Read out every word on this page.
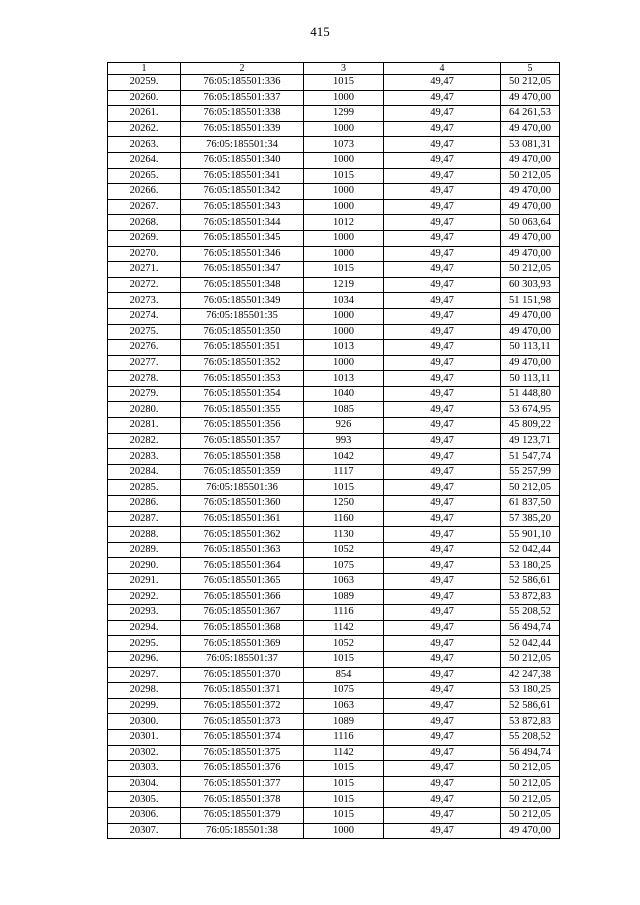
415
1	2	3	4	5
20259.	76:05:185501:336	1015	49,47	50 212,05
20260.	76:05:185501:337	1000	49,47	49 470,00
20261.	76:05:185501:338	1299	49,47	64 261,53
20262.	76:05:185501:339	1000	49,47	49 470,00
20263.	76:05:185501:34	1073	49,47	53 081,31
20264.	76:05:185501:340	1000	49,47	49 470,00
20265.	76:05:185501:341	1015	49,47	50 212,05
20266.	76:05:185501:342	1000	49,47	49 470,00
20267.	76:05:185501:343	1000	49,47	49 470,00
20268.	76:05:185501:344	1012	49,47	50 063,64
20269.	76:05:185501:345	1000	49,47	49 470,00
20270.	76:05:185501:346	1000	49,47	49 470,00
20271.	76:05:185501:347	1015	49,47	50 212,05
20272.	76:05:185501:348	1219	49,47	60 303,93
20273.	76:05:185501:349	1034	49,47	51 151,98
20274.	76:05:185501:35	1000	49,47	49 470,00
20275.	76:05:185501:350	1000	49,47	49 470,00
20276.	76:05:185501:351	1013	49,47	50 113,11
20277.	76:05:185501:352	1000	49,47	49 470,00
20278.	76:05:185501:353	1013	49,47	50 113,11
20279.	76:05:185501:354	1040	49,47	51 448,80
20280.	76:05:185501:355	1085	49,47	53 674,95
20281.	76:05:185501:356	926	49,47	45 809,22
20282.	76:05:185501:357	993	49,47	49 123,71
20283.	76:05:185501:358	1042	49,47	51 547,74
20284.	76:05:185501:359	1117	49,47	55 257,99
20285.	76:05:185501:36	1015	49,47	50 212,05
20286.	76:05:185501:360	1250	49,47	61 837,50
20287.	76:05:185501:361	1160	49,47	57 385,20
20288.	76:05:185501:362	1130	49,47	55 901,10
20289.	76:05:185501:363	1052	49,47	52 042,44
20290.	76:05:185501:364	1075	49,47	53 180,25
20291.	76:05:185501:365	1063	49,47	52 586,61
20292.	76:05:185501:366	1089	49,47	53 872,83
20293.	76:05:185501:367	1116	49,47	55 208,52
20294.	76:05:185501:368	1142	49,47	56 494,74
20295.	76:05:185501:369	1052	49,47	52 042,44
20296.	76:05:185501:37	1015	49,47	50 212,05
20297.	76:05:185501:370	854	49,47	42 247,38
20298.	76:05:185501:371	1075	49,47	53 180,25
20299.	76:05:185501:372	1063	49,47	52 586,61
20300.	76:05:185501:373	1089	49,47	53 872,83
20301.	76:05:185501:374	1116	49,47	55 208,52
20302.	76:05:185501:375	1142	49,47	56 494,74
20303.	76:05:185501:376	1015	49,47	50 212,05
20304.	76:05:185501:377	1015	49,47	50 212,05
20305.	76:05:185501:378	1015	49,47	50 212,05
20306.	76:05:185501:379	1015	49,47	50 212,05
20307.	76:05:185501:38	1000	49,47	49 470,00
